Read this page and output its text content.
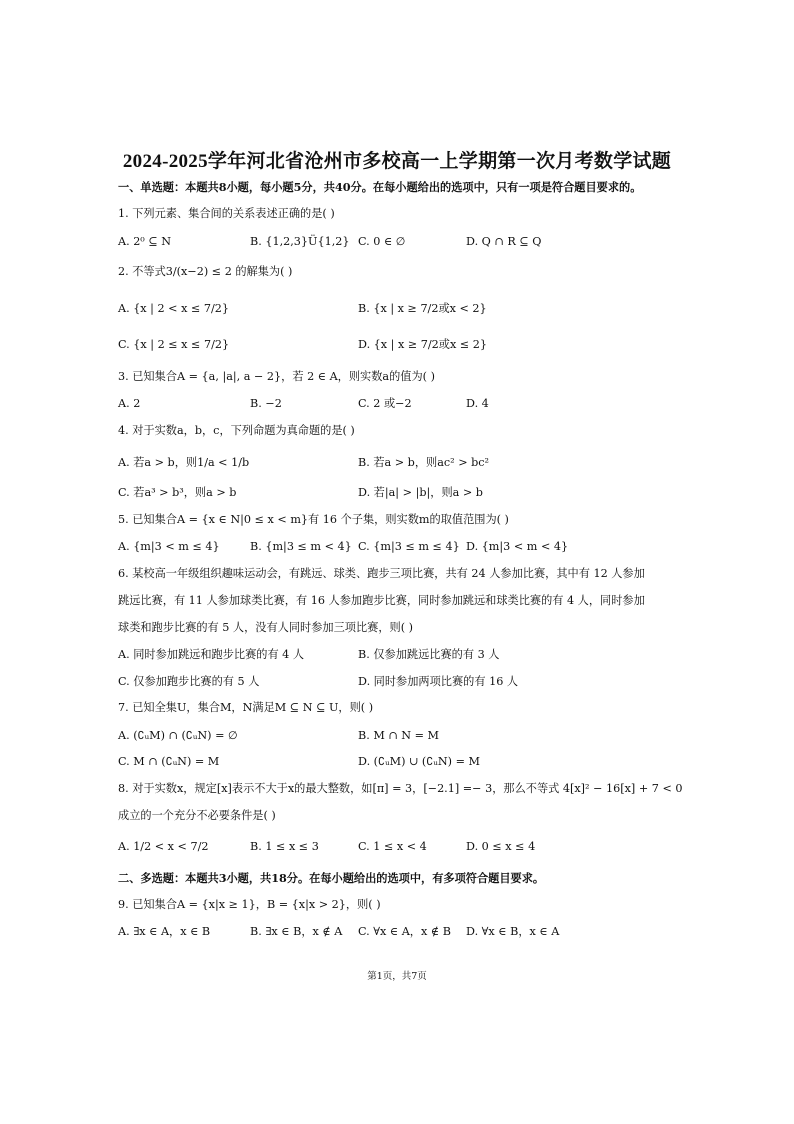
2024-2025学年河北省沧州市多校高一上学期第一次月考数学试题
一、单选题：本题共8小题，每小题5分，共40分。在每小题给出的选项中，只有一项是符合题目要求的。
1. 下列元素、集合间的关系表述正确的是( )
A. 2⁰ ⊆ N	B. {1,2,3}Ü{1,2} C. 0 ∈ ∅	D. Q ∩ R ⊆ Q
2. 不等式3/(x−2) ≤ 2 的解集为( )
A. {x | 2 < x ≤ 7/2}	B. {x | x ≥ 7/2或x < 2}
C. {x | 2 ≤ x ≤ 7/2}	D. {x | x ≥ 7/2或x ≤ 2}
3. 已知集合A = {a, |a|, a − 2}，若 2 ∈ A，则实数a的值为( )
A. 2	B. −2	C. 2 或−2	D. 4
4. 对于实数a，b，c，下列命题为真命题的是( )
A. 若a > b，则1/a < 1/b	B. 若a > b，则ac² > bc²
C. 若a³ > b³，则a > b	D. 若|a| > |b|，则a > b
5. 已知集合A = {x ∈ N|0 ≤ x < m}有 16 个子集，则实数m的取值范围为( )
A. {m|3 < m ≤ 4}	B. {m|3 ≤ m < 4} C. {m|3 ≤ m ≤ 4} D. {m|3 < m < 4}
6. 某校高一年级组织趣味运动会，有跳远、球类、跑步三项比赛，共有 24 人参加比赛，其中有 12 人参加
跳远比赛，有 11 人参加球类比赛，有 16 人参加跑步比赛，同时参加跳远和球类比赛的有 4 人，同时参加
球类和跑步比赛的有 5 人，没有人同时参加三项比赛，则( )
A. 同时参加跳远和跑步比赛的有 4 人	B. 仅参加跳远比赛的有 3 人
C. 仅参加跑步比赛的有 5 人	D. 同时参加两项比赛的有 16 人
7. 已知全集U，集合M，N满足M ⊆ N ⊆ U，则( )
A. (∁ᵤM) ∩ (∁ᵤN) = ∅	B. M ∩ N = M
C. M ∩ (∁ᵤN) = M	D. (∁ᵤM) ∪ (∁ᵤN) = M
8. 对于实数x，规定[x]表示不大于x的最大整数，如[π] = 3，[−2.1] =− 3，那么不等式 4[x]² − 16[x] + 7 < 0
成立的一个充分不必要条件是( )
A. 1/2 < x < 7/2	B. 1 ≤ x ≤ 3	C. 1 ≤ x < 4	D. 0 ≤ x ≤ 4
二、多选题：本题共3小题，共18分。在每小题给出的选项中，有多项符合题目要求。
9. 已知集合A = {x|x ≥ 1}，B = {x|x > 2}，则( )
A. ∃x ∈ A，x ∈ B	B. ∃x ∈ B，x ∉ A C. ∀x ∈ A，x ∉ B D. ∀x ∈ B，x ∈ A
第1页，共7页
